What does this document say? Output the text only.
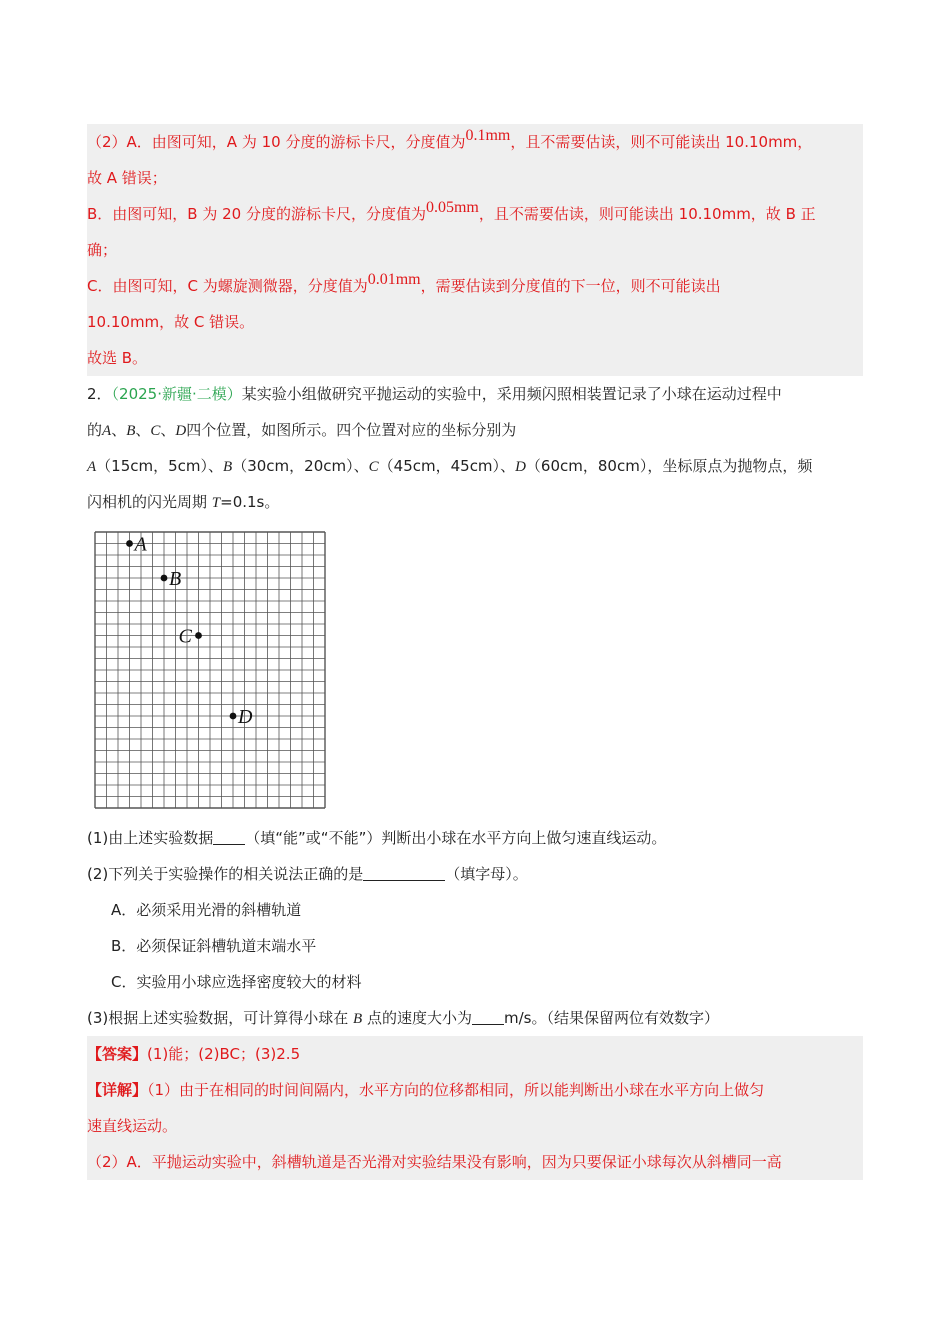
（2）A．由图可知，A 为 10 分度的游标卡尺，分度值为0.1mm，且不需要估读，则不可能读出 10.10mm，
故 A 错误；
B．由图可知，B 为 20 分度的游标卡尺，分度值为0.05mm，且不需要估读，则可能读出 10.10mm，故 B 正
确；
C．由图可知，C 为螺旋测微器，分度值为0.01mm，需要估读到分度值的下一位，则不可能读出
10.10mm，故 C 错误。
故选 B。
2．（2025·新疆·二模）某实验小组做研究平抛运动的实验中，采用频闪照相装置记录了小球在运动过程中
的A、B、C、D四个位置，如图所示。四个位置对应的坐标分别为
A（15cm，5cm）、B（30cm，20cm）、C（45cm，45cm）、D（60cm，80cm），坐标原点为抛物点，频
闪相机的闪光周期 T=0.1s。
A
B
C
D
(1)由上述实验数据 （填“能”或“不能”）判断出小球在水平方向上做匀速直线运动。
(2)下列关于实验操作的相关说法正确的是	（填字母）。
A．必须采用光滑的斜槽轨道
B．必须保证斜槽轨道末端水平
C．实验用小球应选择密度较大的材料
(3)根据上述实验数据，可计算得小球在 B 点的速度大小为 m/s。（结果保留两位有效数字）
【答案】(1)能；(2)BC；(3)2.5
【详解】（1）由于在相同的时间间隔内，水平方向的位移都相同，所以能判断出小球在水平方向上做匀
速直线运动。
（2）A．平抛运动实验中，斜槽轨道是否光滑对实验结果没有影响，因为只要保证小球每次从斜槽同一高
